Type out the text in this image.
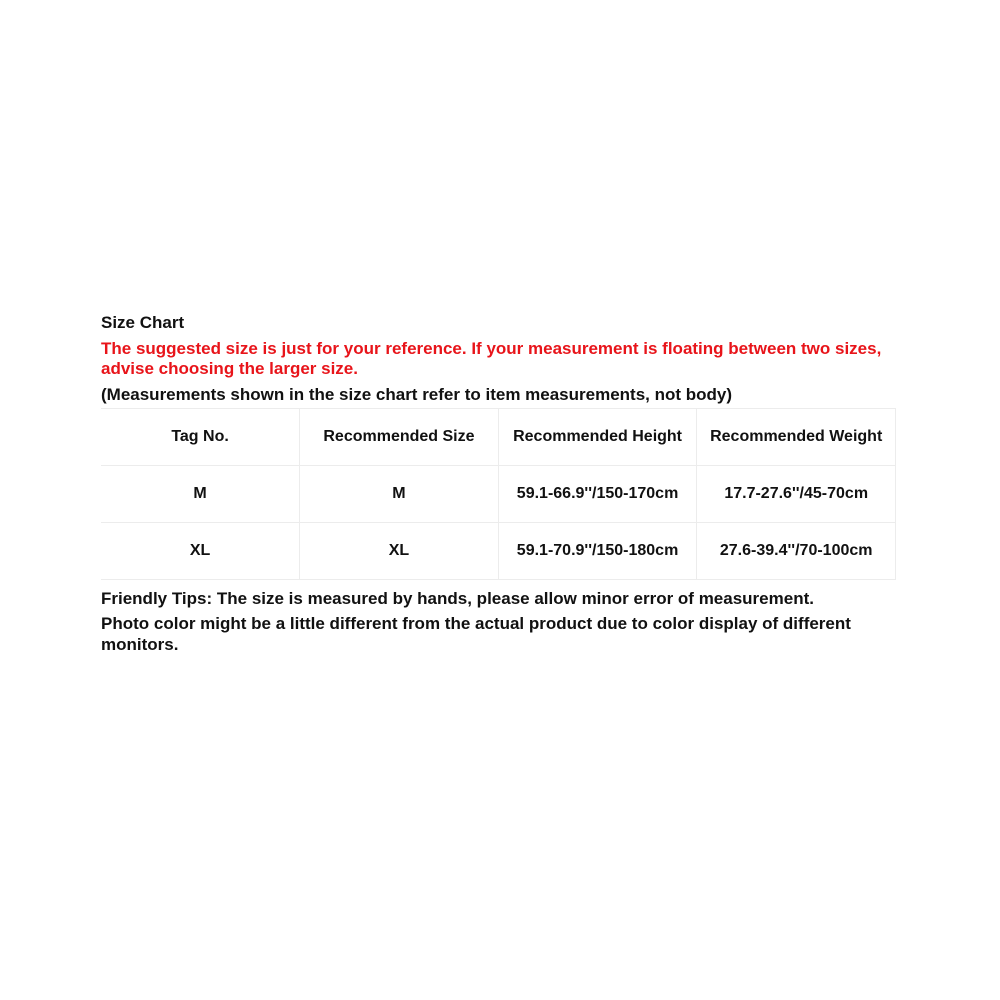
Size Chart

The suggested size is just for your reference. If your measurement is floating between two sizes, advise choosing the larger size.

(Measurements shown in the size chart refer to item measurements, not body)

Tag No.	Recommended Size	Recommended Height	Recommended Weight
M	M	59.1-66.9''/150-170cm	17.7-27.6''/45-70cm
XL	XL	59.1-70.9''/150-180cm	27.6-39.4''/70-100cm

Friendly Tips: The size is measured by hands, please allow minor error of measurement.

Photo color might be a little different from the actual product due to color display of different monitors.
